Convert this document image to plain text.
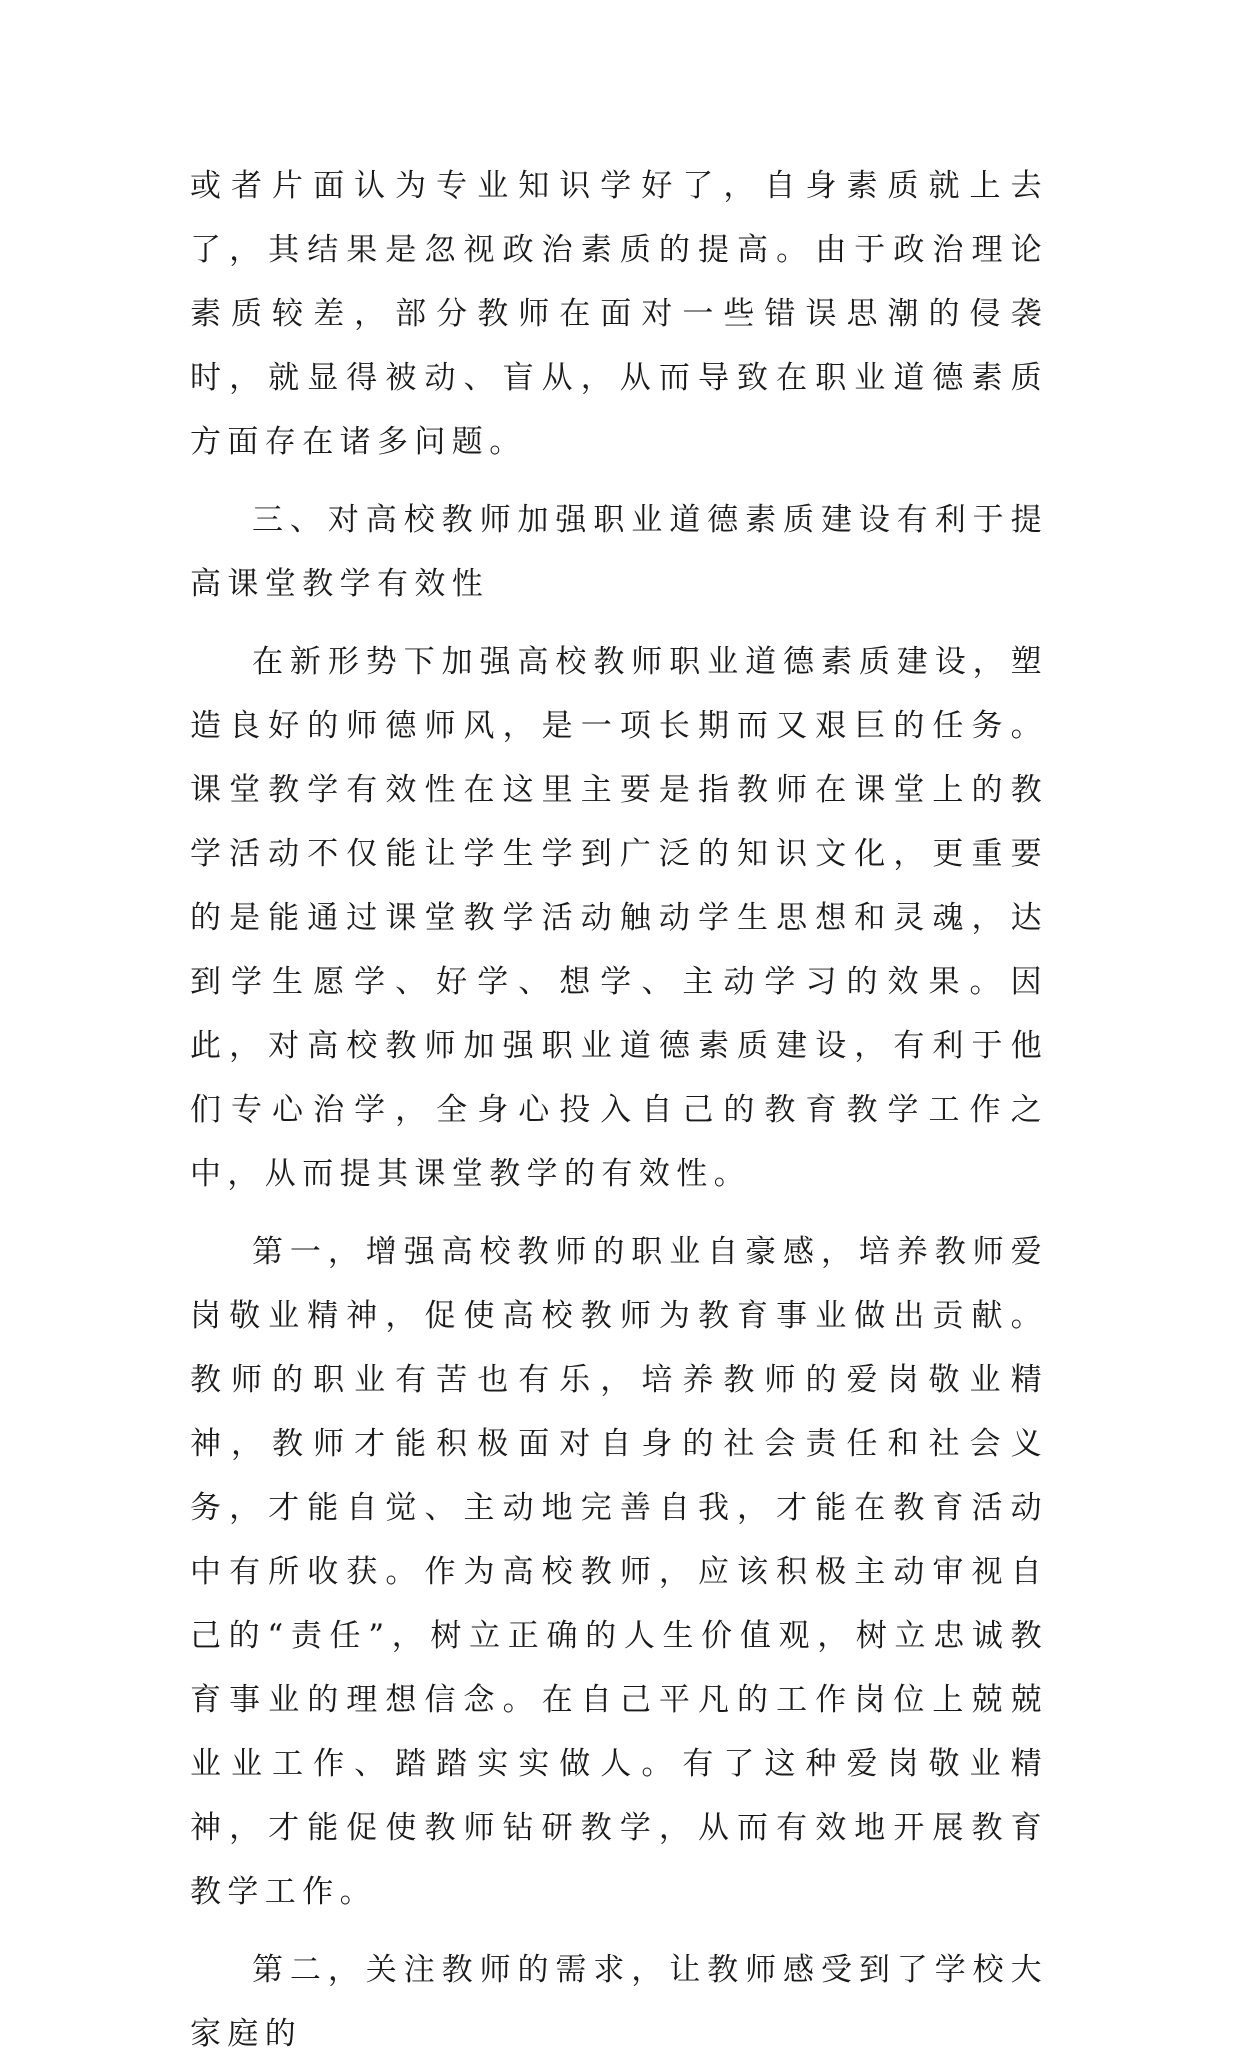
或者片面认为专业知识学好了，自身素质就上去了，其结果是忽视政治素质的提高。由于政治理论素质较差，部分教师在面对一些错误思潮的侵袭时，就显得被动、盲从，从而导致在职业道德素质方面存在诸多问题。

三、对高校教师加强职业道德素质建设有利于提高课堂教学有效性

在新形势下加强高校教师职业道德素质建设，塑造良好的师德师风，是一项长期而又艰巨的任务。课堂教学有效性在这里主要是指教师在课堂上的教学活动不仅能让学生学到广泛的知识文化，更重要的是能通过课堂教学活动触动学生思想和灵魂，达到学生愿学、好学、想学、主动学习的效果。因此，对高校教师加强职业道德素质建设，有利于他们专心治学，全身心投入自己的教育教学工作之中，从而提其课堂教学的有效性。

第一，增强高校教师的职业自豪感，培养教师爱岗敬业精神，促使高校教师为教育事业做出贡献。教师的职业有苦也有乐，培养教师的爱岗敬业精神，教师才能积极面对自身的社会责任和社会义务，才能自觉、主动地完善自我，才能在教育活动中有所收获。作为高校教师，应该积极主动审视自己的“责任”，树立正确的人生价值观，树立忠诚教育事业的理想信念。在自己平凡的工作岗位上兢兢业业工作、踏踏实实做人。有了这种爱岗敬业精神，才能促使教师钻研教学，从而有效地开展教育教学工作。

第二，关注教师的需求，让教师感受到了学校大家庭的
